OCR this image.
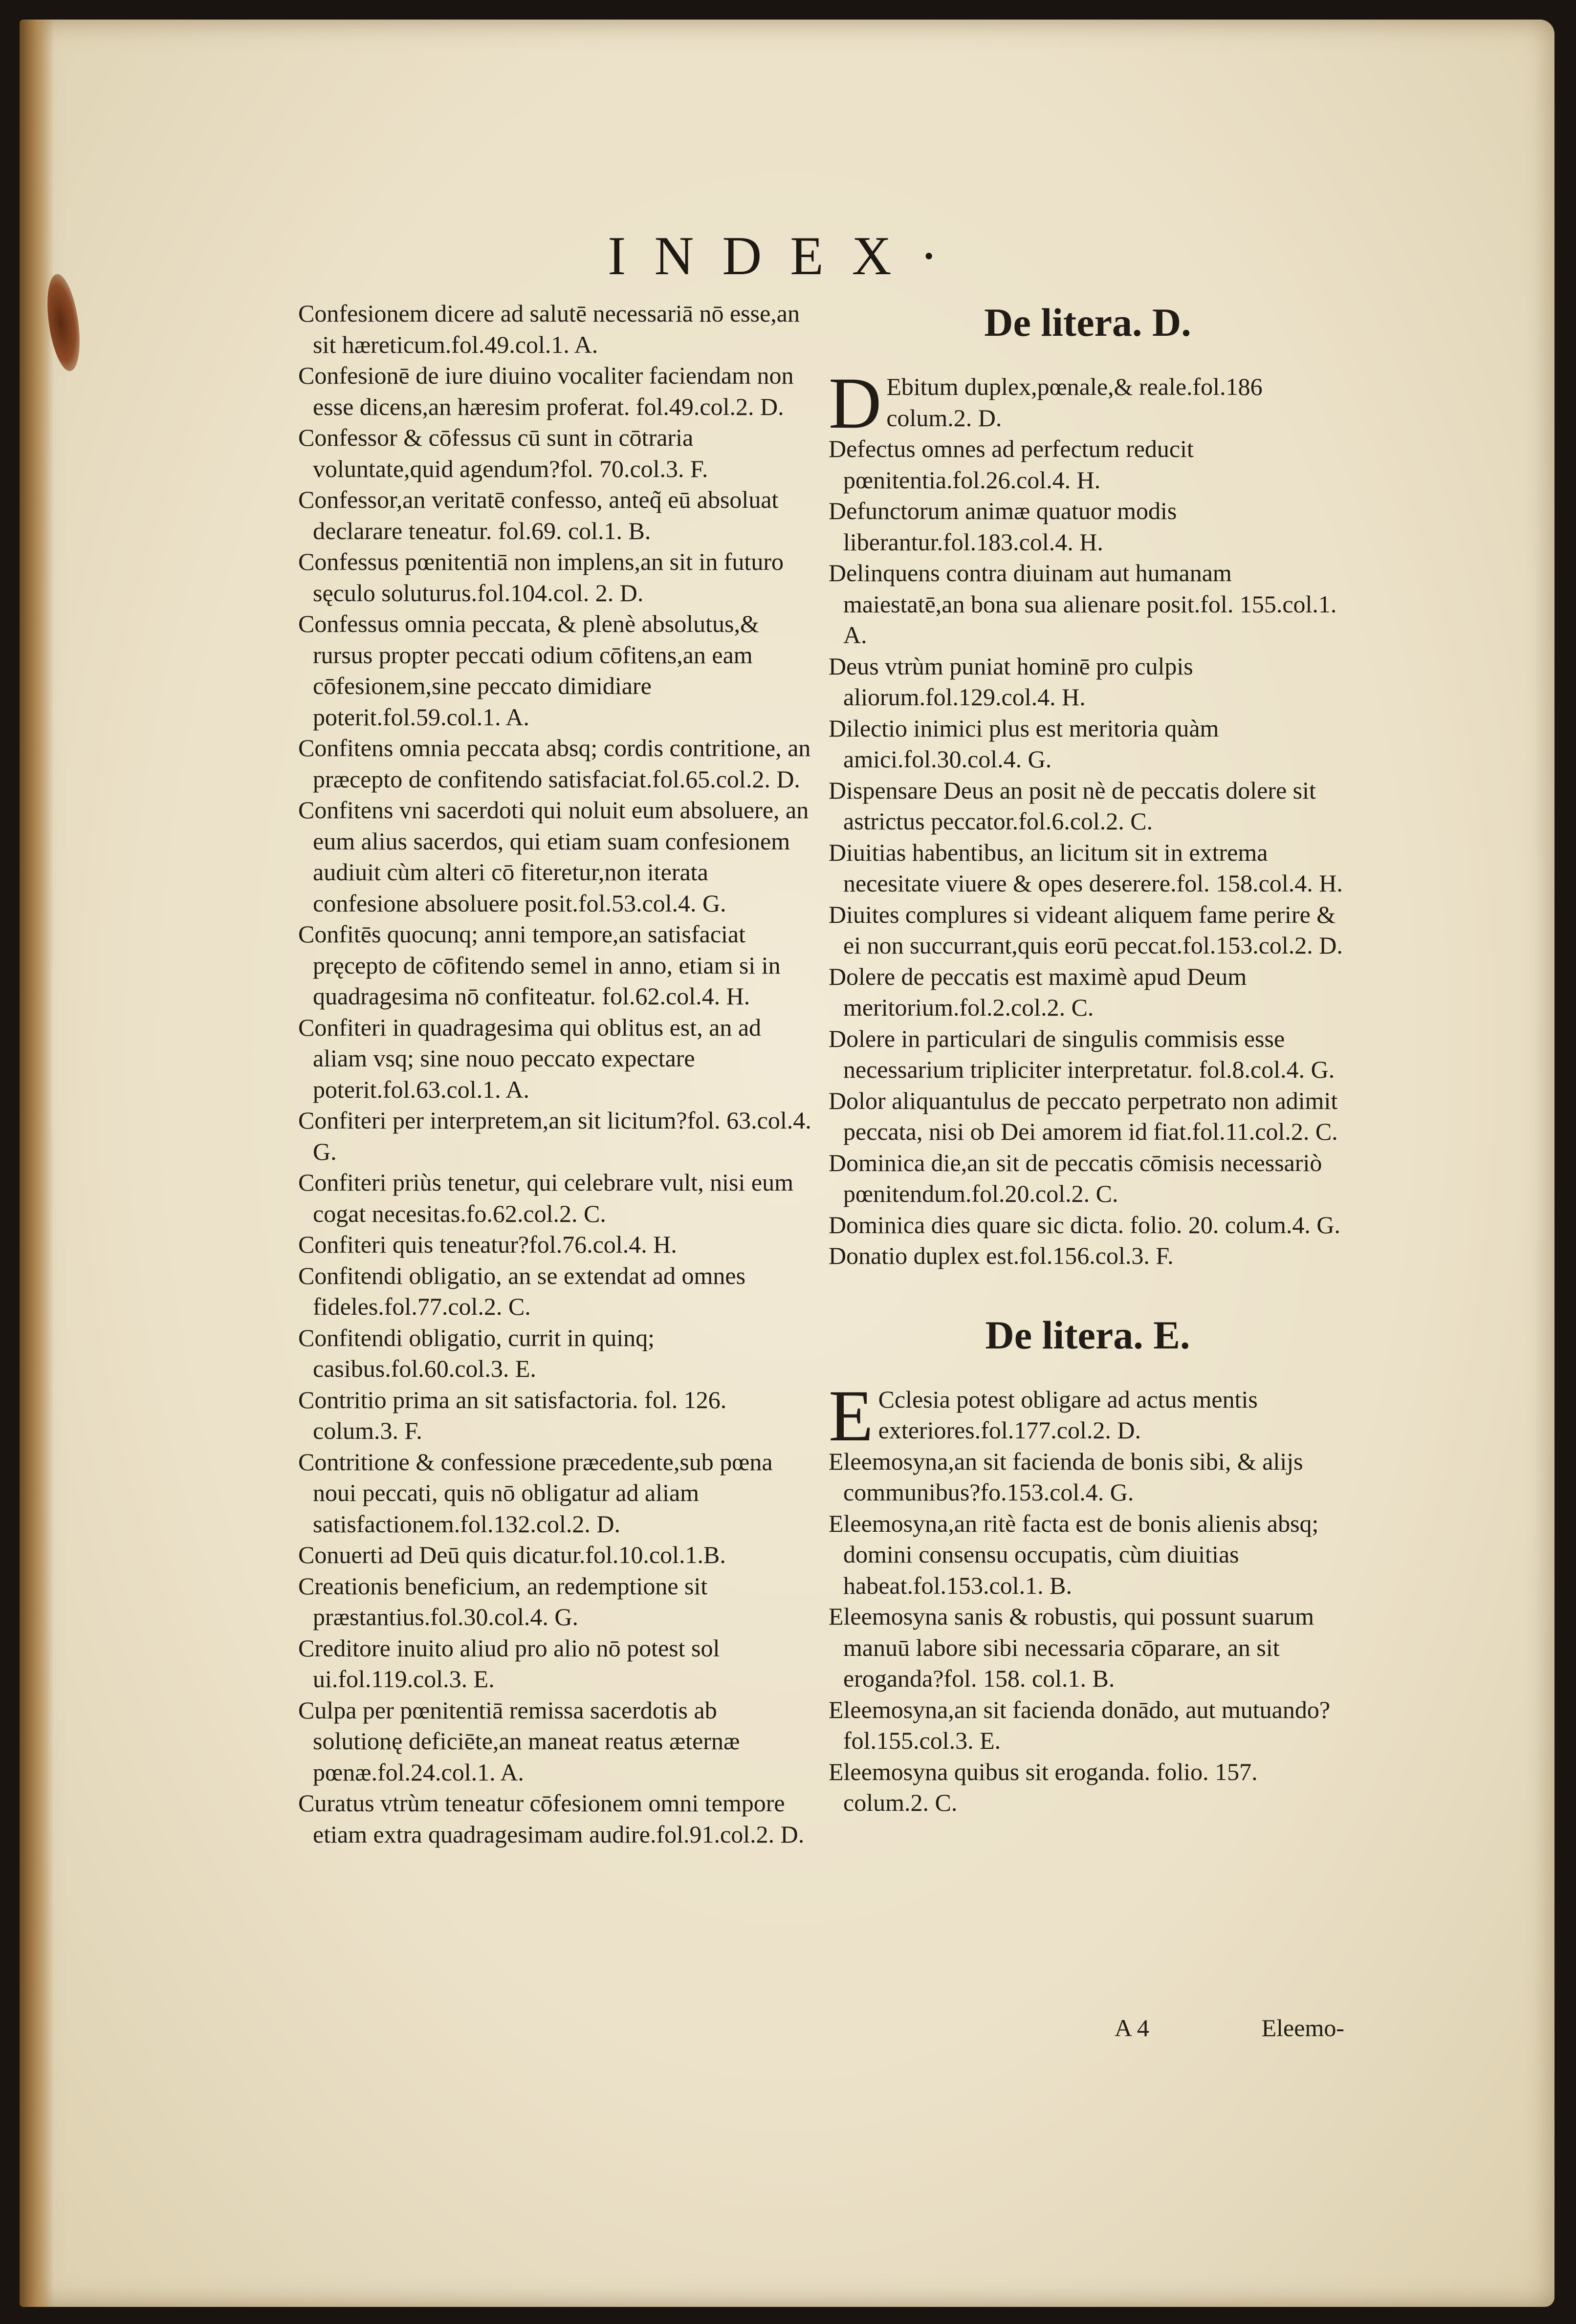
INDEX·

Confesionem dicere ad salutē necessariā nō esse,an sit hæreticum.fol.49.col.1. A.

Confesionē de iure diuino vocaliter faciendam non esse dicens,an hæresim proferat. fol.49.col.2. D.

Confessor & cōfessus cū sunt in cōtraria voluntate,quid agendum?fol. 70.col.3. F.

Confessor,an veritatē confesso, anteq̃ eū absoluat declarare teneatur. fol.69. col.1. B.

Confessus pœnitentiā non implens,an sit in futuro sęculo soluturus.fol.104.col. 2. D.

Confessus omnia peccata, & plenè absolutus,& rursus propter peccati odium cōfitens,an eam cōfesionem,sine peccato dimidiare poterit.fol.59.col.1. A.

Confitens omnia peccata absq; cordis contritione, an præcepto de confitendo satisfaciat.fol.65.col.2. D.

Confitens vni sacerdoti qui noluit eum absoluere, an eum alius sacerdos, qui etiam suam confesionem audiuit cùm alteri cō fiteretur,non iterata confesione absoluere posit.fol.53.col.4. G.

Confitēs quocunq; anni tempore,an satisfaciat pręcepto de cōfitendo semel in anno, etiam si in quadragesima nō confiteatur. fol.62.col.4. H.

Confiteri in quadragesima qui oblitus est, an ad aliam vsq; sine nouo peccato expectare poterit.fol.63.col.1. A.

Confiteri per interpretem,an sit licitum?fol. 63.col.4. G.

Confiteri priùs tenetur, qui celebrare vult, nisi eum cogat necesitas.fo.62.col.2. C.

Confiteri quis teneatur?fol.76.col.4. H.

Confitendi obligatio, an se extendat ad omnes fideles.fol.77.col.2. C.

Confitendi obligatio, currit in quinq; casibus.fol.60.col.3. E.

Contritio prima an sit satisfactoria. fol. 126. colum.3. F.

Contritione & confessione præcedente,sub pœna noui peccati, quis nō obligatur ad aliam satisfactionem.fol.132.col.2. D.

Conuerti ad Deū quis dicatur.fol.10.col.1.B.

Creationis beneficium, an redemptione sit præstantius.fol.30.col.4. G.

Creditore inuito aliud pro alio nō potest sol ui.fol.119.col.3. E.

Culpa per pœnitentiā remissa sacerdotis ab solutionę deficiēte,an maneat reatus æternæ pœnæ.fol.24.col.1. A.

Curatus vtrùm teneatur cōfesionem omni tempore etiam extra quadragesimam audire.fol.91.col.2. D.

De litera. D.

D Ebitum duplex,pœnale,& reale.fol.186 colum.2. D.

Defectus omnes ad perfectum reducit pœnitentia.fol.26.col.4. H.

Defunctorum animæ quatuor modis liberantur.fol.183.col.4. H.

Delinquens contra diuinam aut humanam maiestatē,an bona sua alienare posit.fol. 155.col.1. A.

Deus vtrùm puniat hominē pro culpis aliorum.fol.129.col.4. H.

Dilectio inimici plus est meritoria quàm amici.fol.30.col.4. G.

Dispensare Deus an posit nè de peccatis dolere sit astrictus peccator.fol.6.col.2. C.

Diuitias habentibus, an licitum sit in extrema necesitate viuere & opes deserere.fol. 158.col.4. H.

Diuites complures si videant aliquem fame perire & ei non succurrant,quis eorū peccat.fol.153.col.2. D.

Dolere de peccatis est maximè apud Deum meritorium.fol.2.col.2. C.

Dolere in particulari de singulis commisis esse necessarium tripliciter interpretatur. fol.8.col.4. G.

Dolor aliquantulus de peccato perpetrato non adimit peccata, nisi ob Dei amorem id fiat.fol.11.col.2. C.

Dominica die,an sit de peccatis cōmisis necessariò pœnitendum.fol.20.col.2. C.

Dominica dies quare sic dicta. folio. 20. colum.4. G.

Donatio duplex est.fol.156.col.3. F.

De litera. E.

E Cclesia potest obligare ad actus mentis exteriores.fol.177.col.2. D.

Eleemosyna,an sit facienda de bonis sibi, & alijs communibus?fo.153.col.4. G.

Eleemosyna,an ritè facta est de bonis alienis absq; domini consensu occupatis, cùm diuitias habeat.fol.153.col.1. B.

Eleemosyna sanis & robustis, qui possunt suarum manuū labore sibi necessaria cōparare, an sit eroganda?fol. 158. col.1. B.

Eleemosyna,an sit facienda donādo, aut mutuando?fol.155.col.3. E.

Eleemosyna quibus sit eroganda. folio. 157. colum.2. C.

A 4	Eleemo-
